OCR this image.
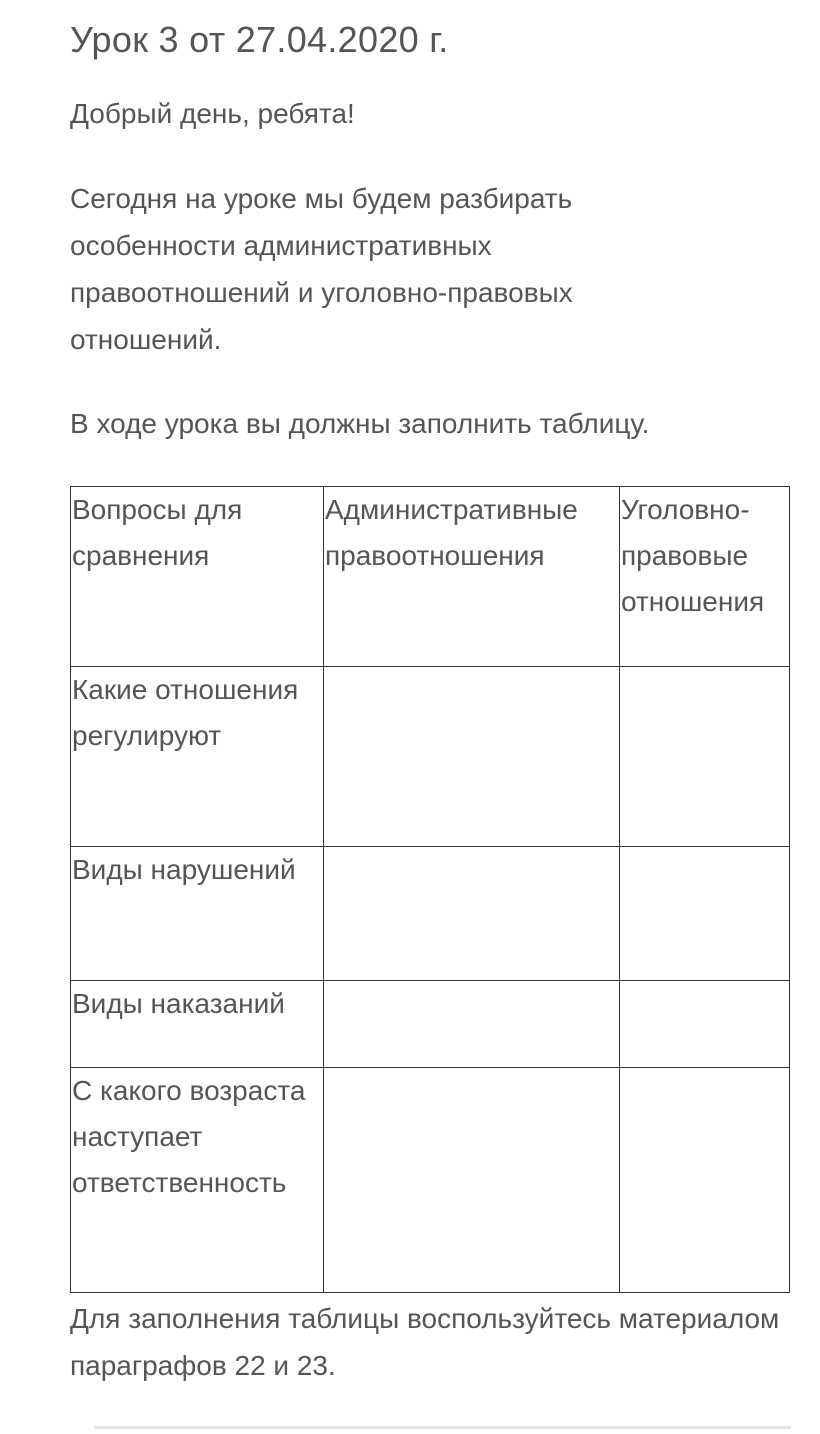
Урок 3 от 27.04.2020 г.

Добрый день, ребята!

Сегодня на уроке мы будем разбирать особенности административных правоотношений и уголовно-правовых отношений.

В ходе урока вы должны заполнить таблицу.

Вопросы для сравнения	Административные правоотношения	Уголовно-правовые отношения

Какие отношения регулируют		

Виды нарушений		

Виды наказаний		

С какого возраста наступает ответственность		

Для заполнения таблицы воспользуйтесь материалом параграфов 22 и 23.
